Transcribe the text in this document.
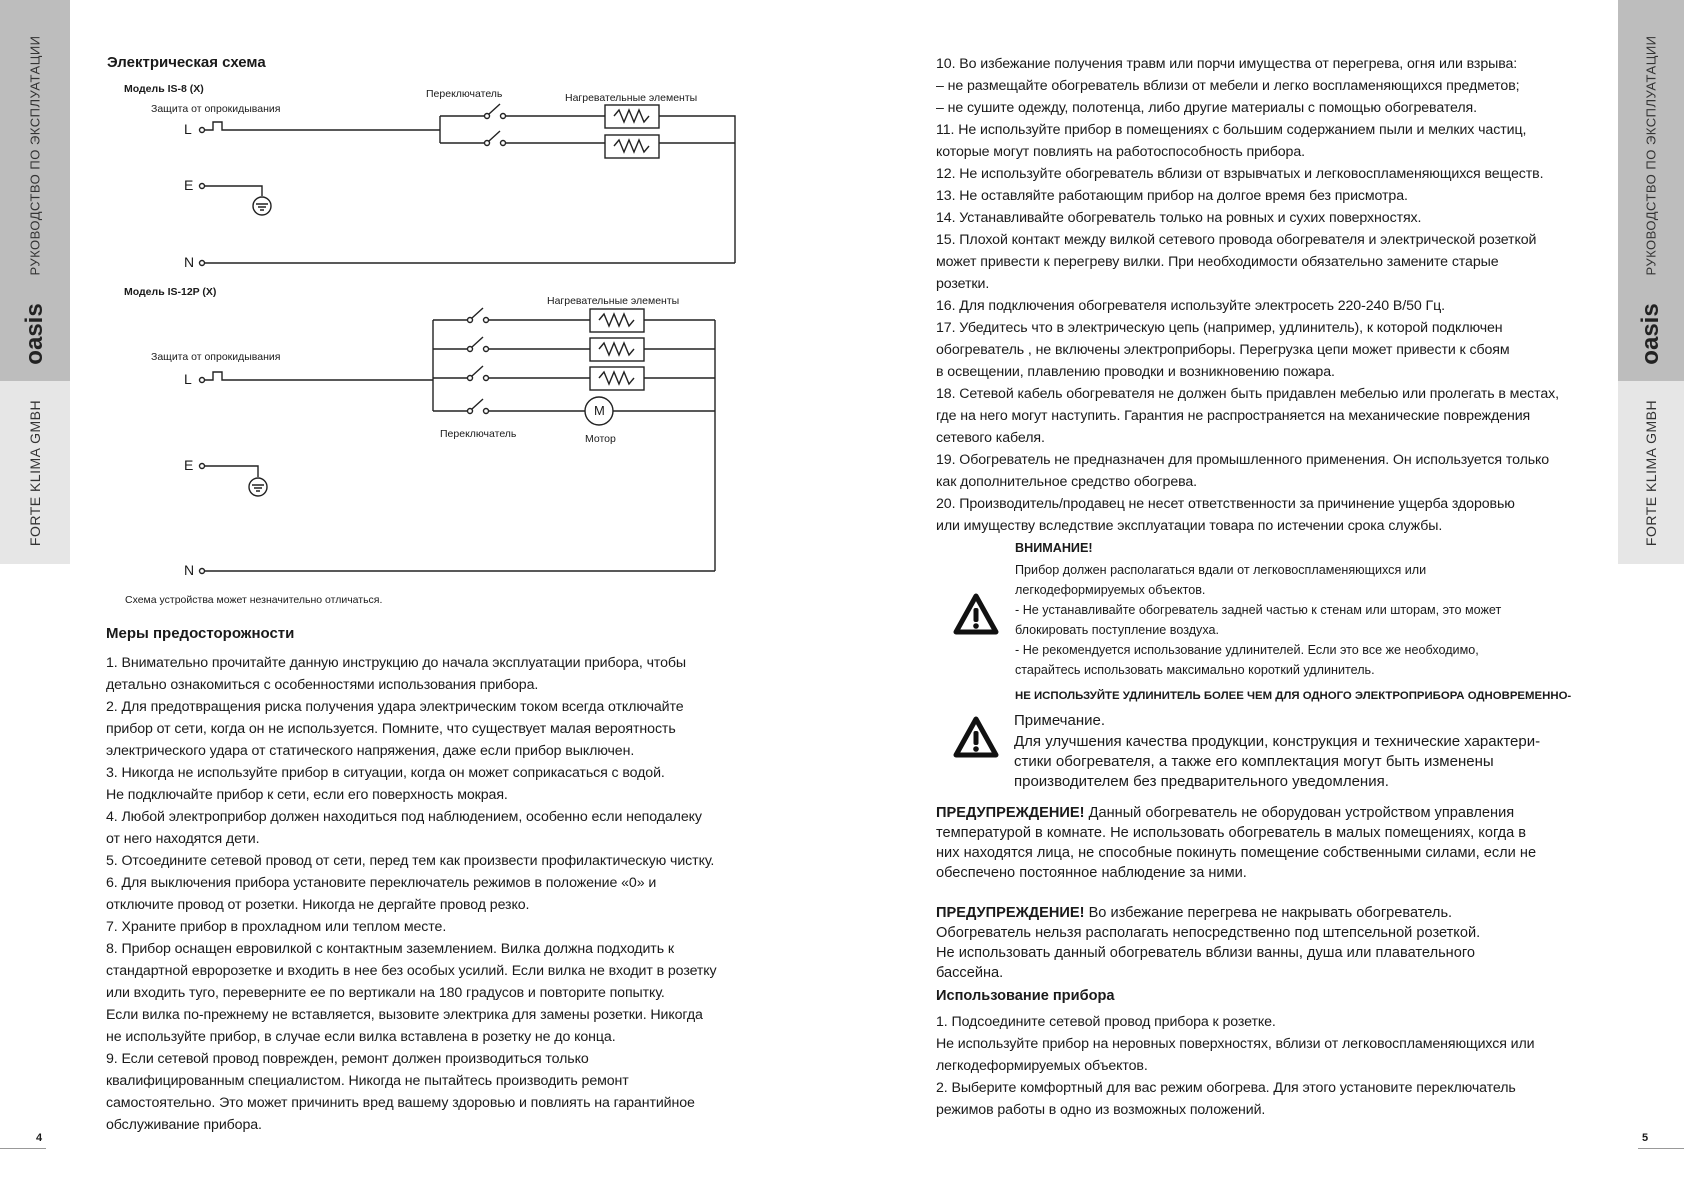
РУКОВОДСТВО ПО ЭКСПЛУАТАЦИИ
oasis
FORTE KLIMA GMBH
РУКОВОДСТВО ПО ЭКСПЛУАТАЦИИ
oasis
FORTE KLIMA GMBH
Электрическая схема
Модель IS-8 (X)
Защита от опрокидывания
Переключатель	Нагревательные элементы
L
E
N
Модель IS-12P (X)
Нагревательные элементы
Защита от опрокидывания
Переключатель	Мотор
M
L
E
N
Схема устройства может незначительно отличаться.
Меры предосторожности
1. Внимательно прочитайте данную инструкцию до начала эксплуатации прибора, чтобы
детально ознакомиться с особенностями использования прибора.
2. Для предотвращения риска получения удара электрическим током всегда отключайте
прибор от сети, когда он не используется. Помните, что существует малая вероятность
электрического удара от статического напряжения, даже если прибор выключен.
3. Никогда не используйте прибор в ситуации, когда он может соприкасаться с водой.
Не подключайте прибор к сети, если его поверхность мокрая.
4. Любой электроприбор должен находиться под наблюдением, особенно если неподалеку
от него находятся дети.
5. Отсоедините сетевой провод от сети, перед тем как произвести профилактическую чистку.
6. Для выключения прибора установите переключатель режимов в положение «0» и
отключите провод от розетки. Никогда не дергайте провод резко.
7. Храните прибор в прохладном или теплом месте.
8. Прибор оснащен евровилкой с контактным заземлением. Вилка должна подходить к
стандартной евророзетке и входить в нее без особых усилий. Если вилка не входит в розетку
или входить туго, переверните ее по вертикали на 180 градусов и повторите попытку.
Если вилка по-прежнему не вставляется, вызовите электрика для замены розетки. Никогда
не используйте прибор, в случае если вилка вставлена в розетку не до конца.
9. Если сетевой провод поврежден, ремонт должен производиться только
квалифицированным специалистом. Никогда не пытайтесь производить ремонт
самостоятельно. Это может причинить вред вашему здоровью и повлиять на гарантийное
обслуживание прибора.
4
10. Во избежание получения травм или порчи имущества от перегрева, огня или взрыва:
– не размещайте обогреватель вблизи от мебели и легко воспламеняющихся предметов;
– не сушите одежду, полотенца, либо другие материалы с помощью обогревателя.
11. Не используйте прибор в помещениях с большим содержанием пыли и мелких частиц,
которые могут повлиять на работоспособность прибора.
12. Не используйте обогреватель вблизи от взрывчатых и легковоспламеняющихся веществ.
13. Не оставляйте работающим прибор на долгое время без присмотра.
14. Устанавливайте обогреватель только на ровных и сухих поверхностях.
15. Плохой контакт между вилкой сетевого провода обогревателя и электрической розеткой
может привести к перегреву вилки. При необходимости обязательно замените старые
розетки.
16. Для подключения обогревателя используйте электросеть 220-240 В/50 Гц.
17. Убедитесь что в электрическую цепь (например, удлинитель), к которой подключен
обогреватель , не включены электроприборы. Перегрузка цепи может привести к сбоям
в освещении, плавлению проводки и возникновению пожара.
18. Сетевой кабель обогревателя не должен быть придавлен мебелью или пролегать в местах,
где на него могут наступить. Гарантия не распространяется на механические повреждения
сетевого кабеля.
19. Обогреватель не предназначен для промышленного применения. Он используется только
как дополнительное средство обогрева.
20. Производитель/продавец не несет ответственности за причинение ущерба здоровью
или имуществу вследствие эксплуатации товара по истечении срока службы.
ВНИМАНИЕ!
Прибор должен располагаться вдали от легковоспламеняющихся или
легкодеформируемых объектов.
- Не устанавливайте обогреватель задней частью к стенам или шторам, это может
блокировать поступление воздуха.
- Не рекомендуется использование удлинителей. Если это все же необходимо,
старайтесь использовать максимально короткий удлинитель.
НЕ ИСПОЛЬЗУЙТЕ УДЛИНИТЕЛЬ БОЛЕЕ ЧЕМ ДЛЯ ОДНОГО ЭЛЕКТРОПРИБОРА ОДНОВРЕМЕННО-
Примечание.
Для улучшения качества продукции, конструкция и технические характери-
стики обогревателя, а также его комплектация могут быть изменены
производителем без предварительного уведомления.
ПРЕДУПРЕЖДЕНИЕ! Данный обогреватель не оборудован устройством управления
температурой в комнате. Не использовать обогреватель в малых помещениях, когда в
них находятся лица, не способные покинуть помещение собственными силами, если не
обеспечено постоянное наблюдение за ними.
ПРЕДУПРЕЖДЕНИЕ! Во избежание перегрева не накрывать обогреватель.
Обогреватель нельзя располагать непосредственно под штепсельной розеткой.
Не использовать данный обогреватель вблизи ванны, душа или плавательного
бассейна.
Использование прибора
1. Подсоедините сетевой провод прибора к розетке.
Не используйте прибор на неровных поверхностях, вблизи от легковоспламеняющихся или
легкодеформируемых объектов.
2. Выберите комфортный для вас режим обогрева. Для этого установите переключатель
режимов работы в одно из возможных положений.
5
